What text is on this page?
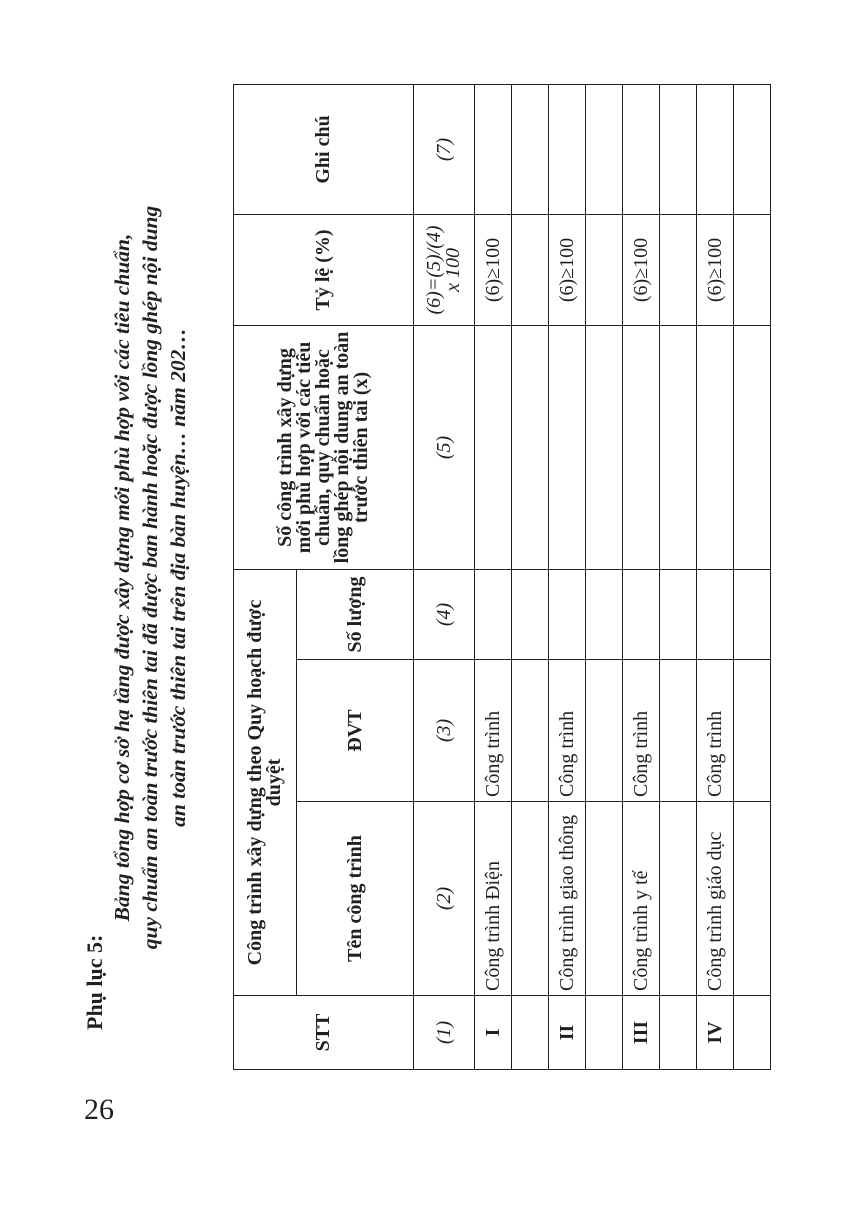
26
Phụ lục 5:
Bảng tổng hợp cơ sở hạ tầng được xây dựng mới phù hợp với các tiêu chuẩn, quy chuẩn an toàn trước thiên tai đã được ban hành hoặc được lồng ghép nội dung an toàn trước thiên tai trên địa bàn huyện… năm 202…
STT	Công trình xây dựng theo Quy hoạch được duyệt			Số công trình xây dựng mới phù hợp với các tiêu chuẩn, quy chuẩn hoặc lồng ghép nội dung an toàn trước thiên tai (x)	Tỷ lệ (%)	Ghi chú
	Tên công trình	ĐVT	Số lượng			
(1)	(2)	(3)	(4)	(5)	(6)=(5)/(4) x 100	(7)
I	Công trình Điện	Công trình			(6)≥100	

II	Công trình giao thông	Công trình			(6)≥100	

III	Công trình y tế	Công trình			(6)≥100	

IV	Công trình giáo dục	Công trình			(6)≥100	
